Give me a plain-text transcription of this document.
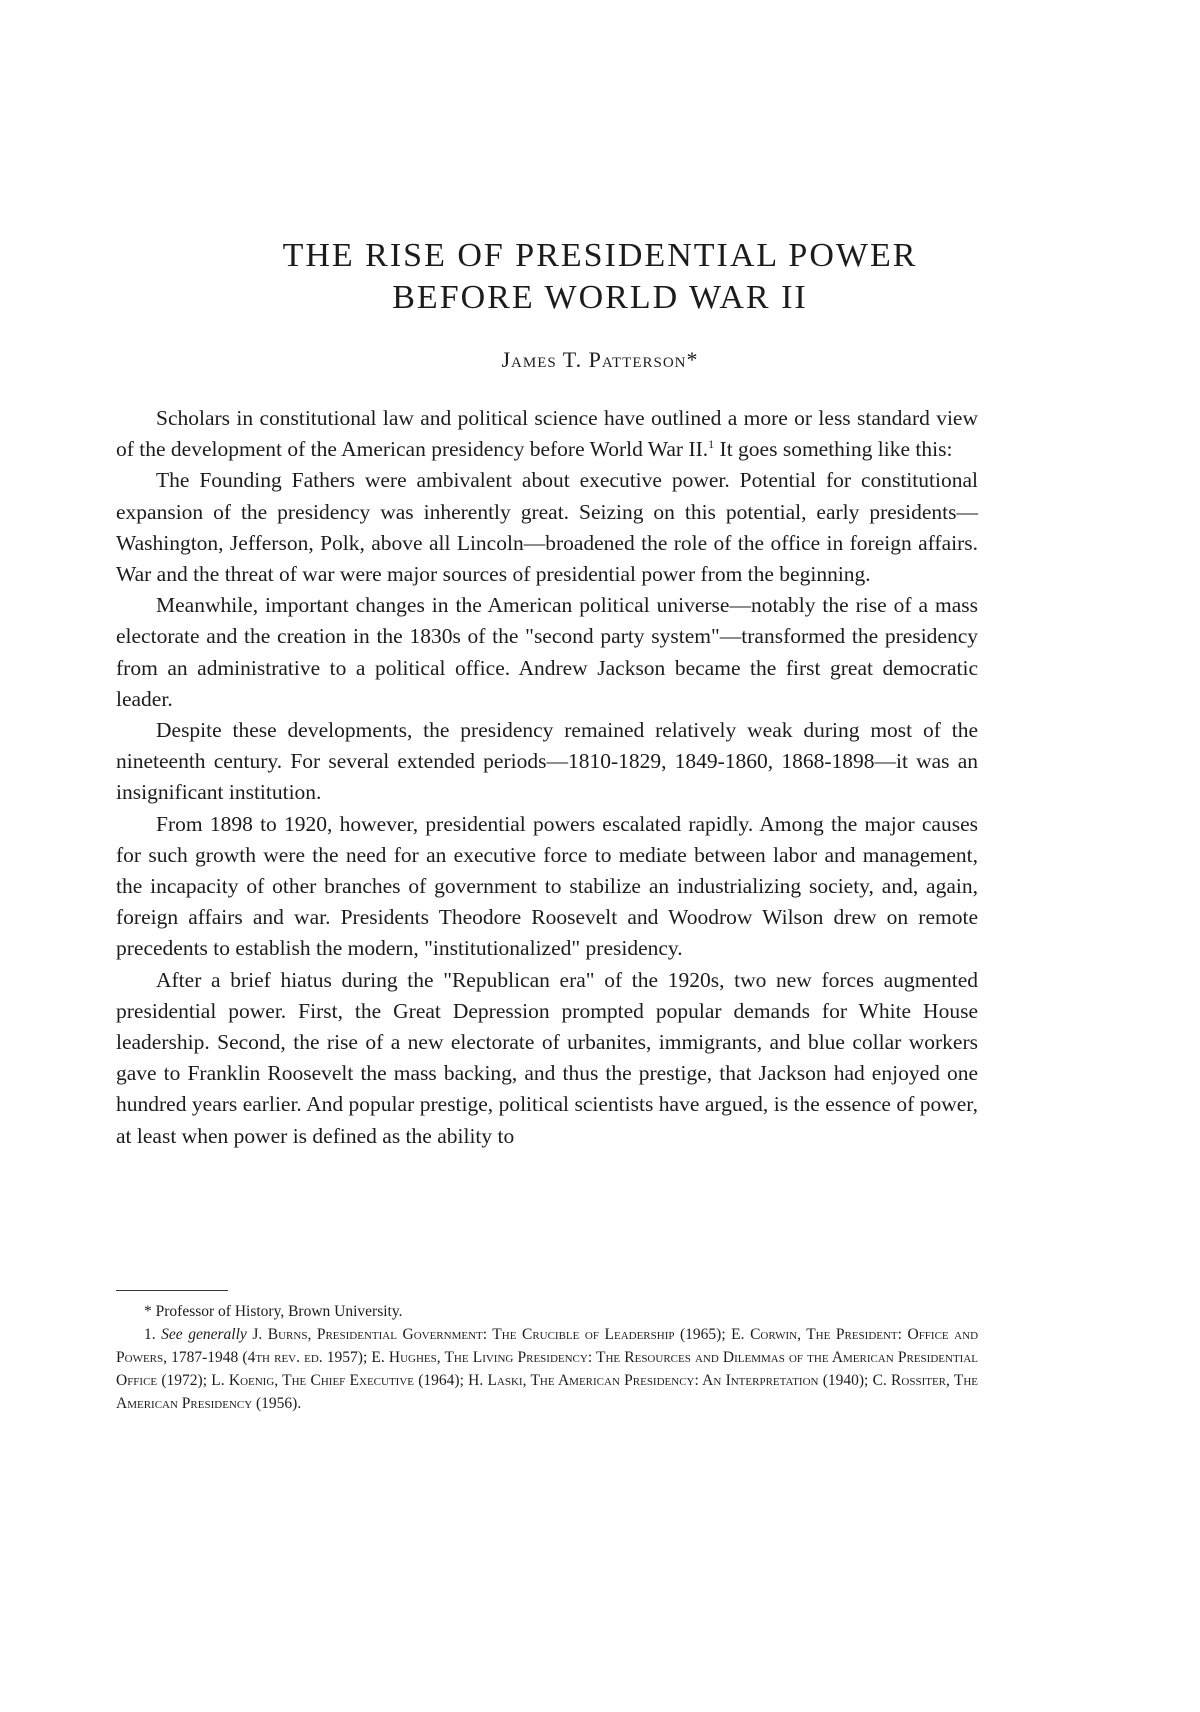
THE RISE OF PRESIDENTIAL POWER
BEFORE WORLD WAR II
James T. Patterson*

Scholars in constitutional law and political science have outlined a more or less standard view of the development of the American presidency before World War II.$^1$ It goes something like this:

The Founding Fathers were ambivalent about executive power. Potential for constitutional expansion of the presidency was inherently great. Seizing on this potential, early presidents—Washington, Jefferson, Polk, above all Lincoln—broadened the role of the office in foreign affairs. War and the threat of war were major sources of presidential power from the beginning.

Meanwhile, important changes in the American political universe—notably the rise of a mass electorate and the creation in the 1830s of the "second party system"—transformed the presidency from an administrative to a political office. Andrew Jackson became the first great democratic leader.

Despite these developments, the presidency remained relatively weak during most of the nineteenth century. For several extended periods—1810-1829, 1849-1860, 1868-1898—it was an insignificant institution.

From 1898 to 1920, however, presidential powers escalated rapidly. Among the major causes for such growth were the need for an executive force to mediate between labor and management, the incapacity of other branches of government to stabilize an industrializing society, and, again, foreign affairs and war. Presidents Theodore Roosevelt and Woodrow Wilson drew on remote precedents to establish the modern, "institutionalized" presidency.

After a brief hiatus during the "Republican era" of the 1920s, two new forces augmented presidential power. First, the Great Depression prompted popular demands for White House leadership. Second, the rise of a new electorate of urbanites, immigrants, and blue collar workers gave to Franklin Roosevelt the mass backing, and thus the prestige, that Jackson had enjoyed one hundred years earlier. And popular prestige, political scientists have argued, is the essence of power, at least when power is defined as the ability to

* Professor of History, Brown University.

1. See generally J. Burns, Presidential Government: The Crucible of Leadership (1965); E. Corwin, The President: Office and Powers, 1787-1948 (4th rev. ed. 1957); E. Hughes, The Living Presidency: The Resources and Dilemmas of the American Presidential Office (1972); L. Koenig, The Chief Executive (1964); H. Laski, The American Presidency: An Interpretation (1940); C. Rossiter, The American Presidency (1956).
